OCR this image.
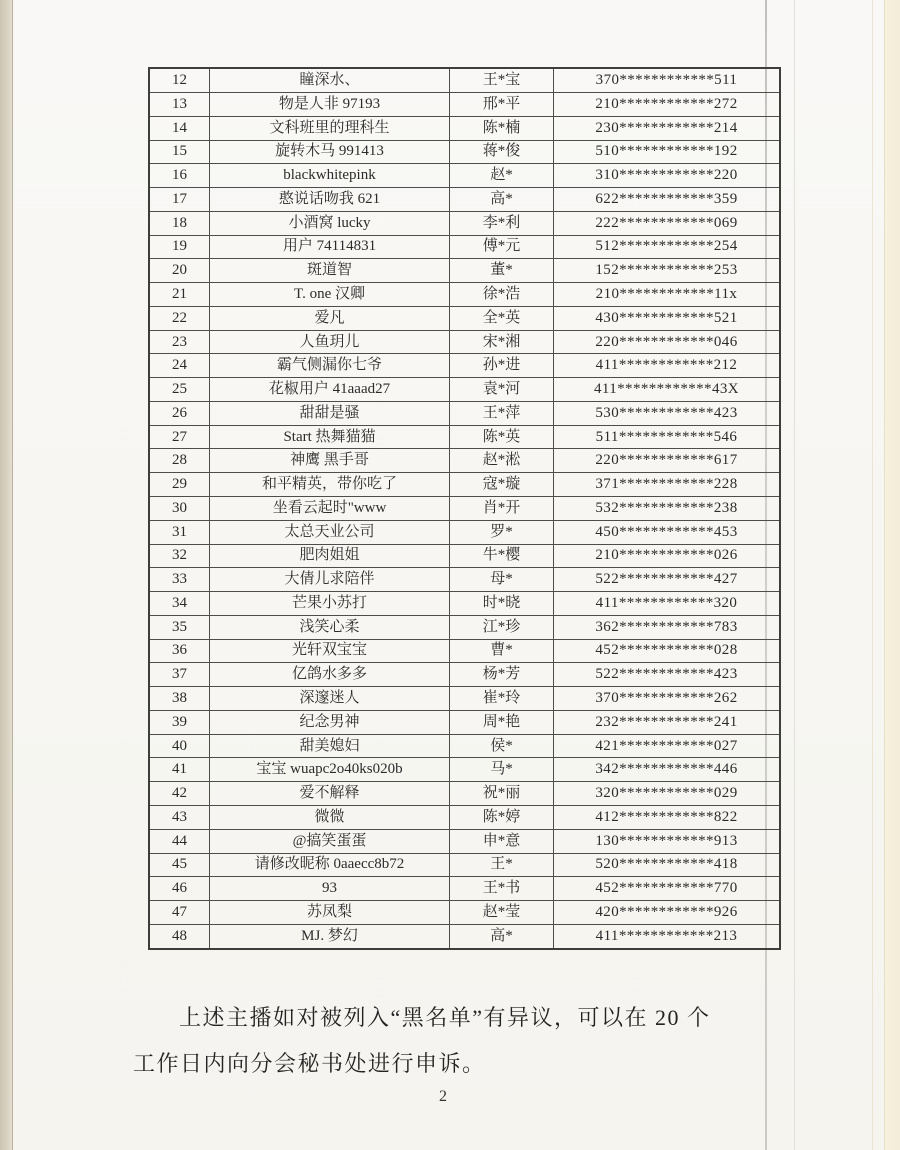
12	瞳深水、	王*宝	370************511
13	物是人非 97193	邢*平	210************272
14	文科班里的理科生	陈*楠	230************214
15	旋转木马 991413	蒋*俊	510************192
16	blackwhitepink	赵*	310************220
17	憨说话吻我 621	高*	622************359
18	小酒窝 lucky	李*利	222************069
19	用户 74114831	傅*元	512************254
20	斑道智	董*	152************253
21	T. one 汉卿	徐*浩	210************11x
22	爱凡	全*英	430************521
23	人鱼玥儿	宋*湘	220************046
24	霸气侧漏你七爷	孙*进	411************212
25	花椒用户 41aaad27	袁*河	411************43X
26	甜甜是骚	王*萍	530************423
27	Start 热舞猫猫	陈*英	511************546
28	神鹰 黑手哥	赵*淞	220************617
29	和平精英，带你吃了	寇*璇	371************228
30	坐看云起时"www	肖*开	532************238
31	太总天业公司	罗*	450************453
32	肥肉姐姐	牛*樱	210************026
33	大倩儿求陪伴	母*	522************427
34	芒果小苏打	时*晓	411************320
35	浅笑心柔	江*珍	362************783
36	光轩双宝宝	曹*	452************028
37	亿鸽水多多	杨*芳	522************423
38	深邃迷人	崔*玲	370************262
39	纪念男神	周*艳	232************241
40	甜美媳妇	侯*	421************027
41	宝宝 wuapc2o40ks020b	马*	342************446
42	爱不解释	祝*丽	320************029
43	微微	陈*婷	412************822
44	@搞笑蛋蛋	申*意	130************913
45	请修改昵称 0aaecc8b72	王*	520************418
46	93	王*书	452************770
47	苏凤梨	赵*莹	420************926
48	MJ. 梦幻	高*	411************213
上述主播如对被列入“黑名单”有异议，可以在 20 个
工作日内向分会秘书处进行申诉。
2
